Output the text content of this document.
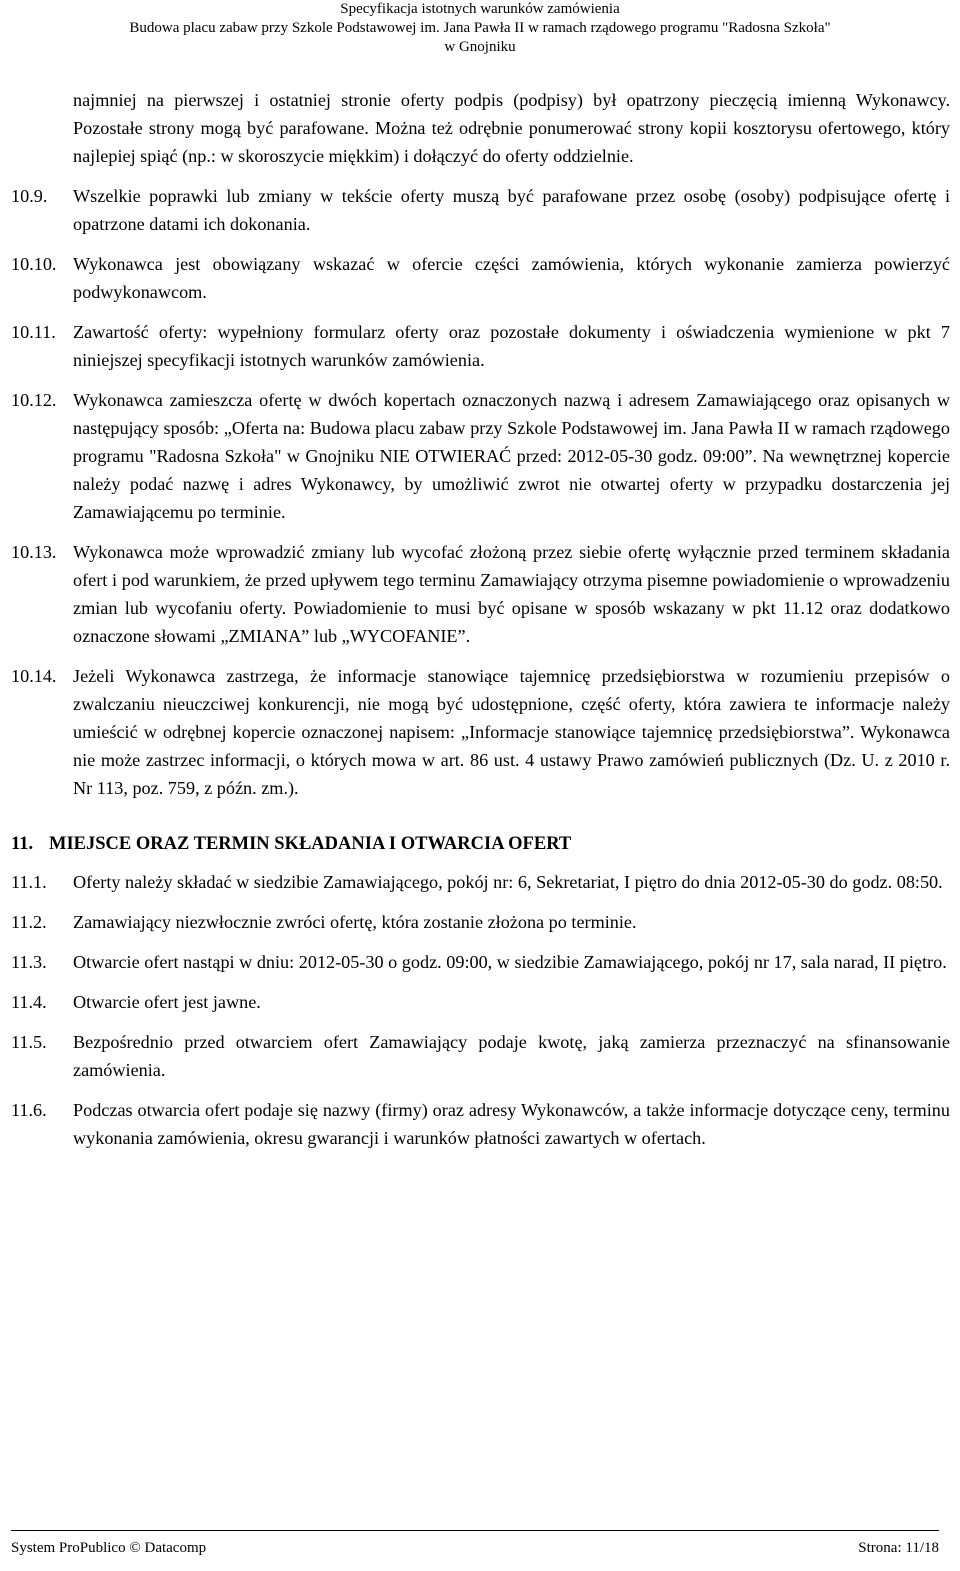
Specyfikacja istotnych warunków zamówienia
Budowa placu zabaw przy Szkole Podstawowej im. Jana Pawła II w ramach rządowego programu "Radosna Szkoła"
w Gnojniku
najmniej na pierwszej i ostatniej stronie oferty podpis (podpisy) był opatrzony pieczęcią imienną Wykonawcy. Pozostałe strony mogą być parafowane. Można też odrębnie ponumerować strony kopii kosztorysu ofertowego, który najlepiej spiąć (np.: w skoroszycie miękkim) i dołączyć do oferty oddzielnie.
10.9.	Wszelkie poprawki lub zmiany w tekście oferty muszą być parafowane przez osobę (osoby) podpisujące ofertę i opatrzone datami ich dokonania.
10.10. Wykonawca jest obowiązany wskazać w ofercie części zamówienia, których wykonanie zamierza powierzyć podwykonawcom.
10.11. Zawartość oferty: wypełniony formularz oferty oraz pozostałe dokumenty i oświadczenia wymienione w pkt 7 niniejszej specyfikacji istotnych warunków zamówienia.
10.12. Wykonawca zamieszcza ofertę w dwóch kopertach oznaczonych nazwą i adresem Zamawiającego oraz opisanych w następujący sposób: „Oferta na: Budowa placu zabaw przy Szkole Podstawowej im. Jana Pawła II w ramach rządowego programu "Radosna Szkoła" w Gnojniku NIE OTWIERAĆ przed: 2012-05-30 godz. 09:00”. Na wewnętrznej kopercie należy podać nazwę i adres Wykonawcy, by umożliwić zwrot nie otwartej oferty w przypadku dostarczenia jej Zamawiającemu po terminie.
10.13. Wykonawca może wprowadzić zmiany lub wycofać złożoną przez siebie ofertę wyłącznie przed terminem składania ofert i pod warunkiem, że przed upływem tego terminu Zamawiający otrzyma pisemne powiadomienie o wprowadzeniu zmian lub wycofaniu oferty. Powiadomienie to musi być opisane w sposób wskazany w pkt 11.12 oraz dodatkowo oznaczone słowami „ZMIANA” lub „WYCOFANIE”.
10.14. Jeżeli Wykonawca zastrzega, że informacje stanowiące tajemnicę przedsiębiorstwa w rozumieniu przepisów o zwalczaniu nieuczciwej konkurencji, nie mogą być udostępnione, część oferty, która zawiera te informacje należy umieścić w odrębnej kopercie oznaczonej napisem: „Informacje stanowiące tajemnicę przedsiębiorstwa”. Wykonawca nie może zastrzec informacji, o których mowa w art. 86 ust. 4 ustawy Prawo zamówień publicznych (Dz. U. z 2010 r. Nr 113, poz. 759, z późn. zm.).
11. MIEJSCE ORAZ TERMIN SKŁADANIA I OTWARCIA OFERT
11.1.	Oferty należy składać w siedzibie Zamawiającego, pokój nr: 6, Sekretariat, I piętro do dnia 2012-05-30 do godz. 08:50.
11.2.	Zamawiający niezwłocznie zwróci ofertę, która zostanie złożona po terminie.
11.3.	Otwarcie ofert nastąpi w dniu: 2012-05-30 o godz. 09:00, w siedzibie Zamawiającego, pokój nr 17, sala narad, II piętro.
11.4.	Otwarcie ofert jest jawne.
11.5.	Bezpośrednio przed otwarciem ofert Zamawiający podaje kwotę, jaką zamierza przeznaczyć na sfinansowanie zamówienia.
11.6.	Podczas otwarcia ofert podaje się nazwy (firmy) oraz adresy Wykonawców, a także informacje dotyczące ceny, terminu wykonania zamówienia, okresu gwarancji i warunków płatności zawartych w ofertach.
System ProPublico © Datacomp	Strona: 11/18
